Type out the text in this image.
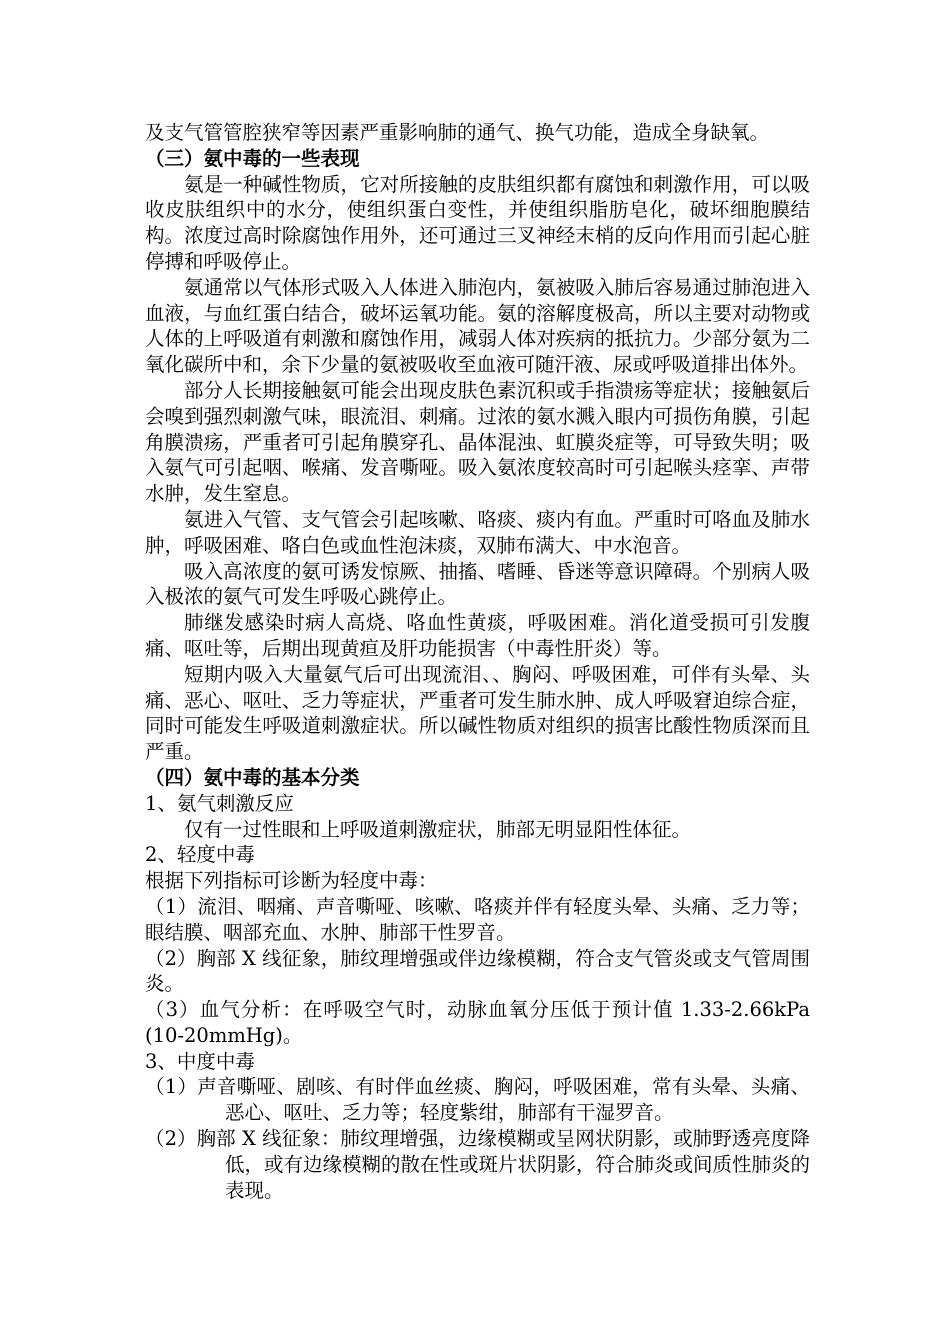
及支气管管腔狭窄等因素严重影响肺的通气、换气功能，造成全身缺氧。

（三）氨中毒的一些表现

氨是一种碱性物质，它对所接触的皮肤组织都有腐蚀和刺激作用，可以吸收皮肤组织中的水分，使组织蛋白变性，并使组织脂肪皂化，破坏细胞膜结构。浓度过高时除腐蚀作用外，还可通过三叉神经末梢的反向作用而引起心脏停搏和呼吸停止。

氨通常以气体形式吸入人体进入肺泡内，氨被吸入肺后容易通过肺泡进入血液，与血红蛋白结合，破坏运氧功能。氨的溶解度极高，所以主要对动物或人体的上呼吸道有刺激和腐蚀作用，减弱人体对疾病的抵抗力。少部分氨为二氧化碳所中和，余下少量的氨被吸收至血液可随汗液、尿或呼吸道排出体外。

部分人长期接触氨可能会出现皮肤色素沉积或手指溃疡等症状；接触氨后会嗅到强烈刺激气味，眼流泪、刺痛。过浓的氨水溅入眼内可损伤角膜，引起角膜溃疡，严重者可引起角膜穿孔、晶体混浊、虹膜炎症等，可导致失明；吸入氨气可引起咽、喉痛、发音嘶哑。吸入氨浓度较高时可引起喉头痉挛、声带水肿，发生窒息。

氨进入气管、支气管会引起咳嗽、咯痰、痰内有血。严重时可咯血及肺水肿，呼吸困难、咯白色或血性泡沫痰，双肺布满大、中水泡音。

吸入高浓度的氨可诱发惊厥、抽搐、嗜睡、昏迷等意识障碍。个别病人吸入极浓的氨气可发生呼吸心跳停止。

肺继发感染时病人高烧、咯血性黄痰，呼吸困难。消化道受损可引发腹痛、呕吐等，后期出现黄疸及肝功能损害（中毒性肝炎）等。

短期内吸入大量氨气后可出现流泪、、胸闷、呼吸困难，可伴有头晕、头痛、恶心、呕吐、乏力等症状，严重者可发生肺水肿、成人呼吸窘迫综合症，同时可能发生呼吸道刺激症状。所以碱性物质对组织的损害比酸性物质深而且严重。

（四）氨中毒的基本分类

1、氨气刺激反应

仅有一过性眼和上呼吸道刺激症状，肺部无明显阳性体征。

2、轻度中毒

根据下列指标可诊断为轻度中毒：

（1）流泪、咽痛、声音嘶哑、咳嗽、咯痰并伴有轻度头晕、头痛、乏力等；眼结膜、咽部充血、水肿、肺部干性罗音。

（2）胸部 X 线征象，肺纹理增强或伴边缘模糊，符合支气管炎或支气管周围炎。

（3）血气分析：在呼吸空气时，动脉血氧分压低于预计值 1.33-2.66kPa (10-20mmHg)。

3、中度中毒

（1）声音嘶哑、剧咳、有时伴血丝痰、胸闷，呼吸困难，常有头晕、头痛、恶心、呕吐、乏力等；轻度紫绀，肺部有干湿罗音。

（2）胸部 X 线征象：肺纹理增强，边缘模糊或呈网状阴影，或肺野透亮度降低，或有边缘模糊的散在性或斑片状阴影，符合肺炎或间质性肺炎的表现。
